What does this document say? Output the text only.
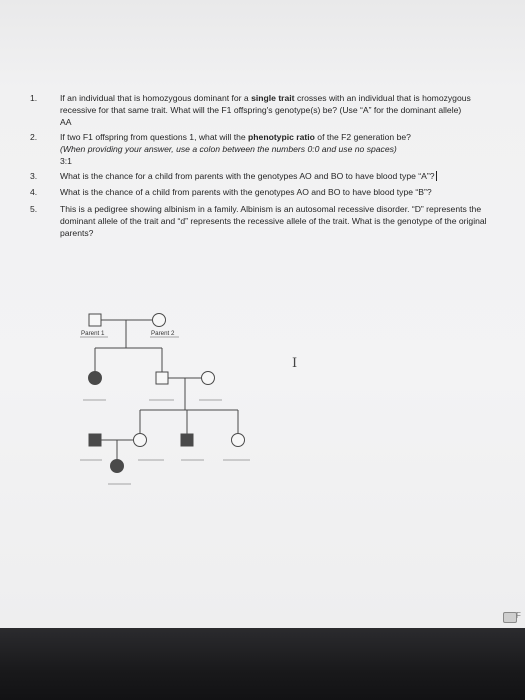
1.	If an individual that is homozygous dominant for a single trait crosses with an individual that is homozygous recessive for that same trait. What will the F1 offspring's genotype(s) be? (Use “A” for the dominant allele)
AA
2.	If two F1 offspring from questions 1, what will the phenotypic ratio of the F2 generation be?
(When providing your answer, use a colon between the numbers 0:0 and use no spaces)
3:1
3.	What is the chance for a child from parents with the genotypes AO and BO to have blood type “A”?
4.	What is the chance of a child from parents with the genotypes AO and BO to have blood type “B”?
5.	This is a pedigree showing albinism in a family. Albinism is an autosomal recessive disorder. “D” represents the dominant allele of the trait and “d” represents the recessive allele of the trait. What is the genotype of the original parents?
Parent 1	Parent 2
I
F
